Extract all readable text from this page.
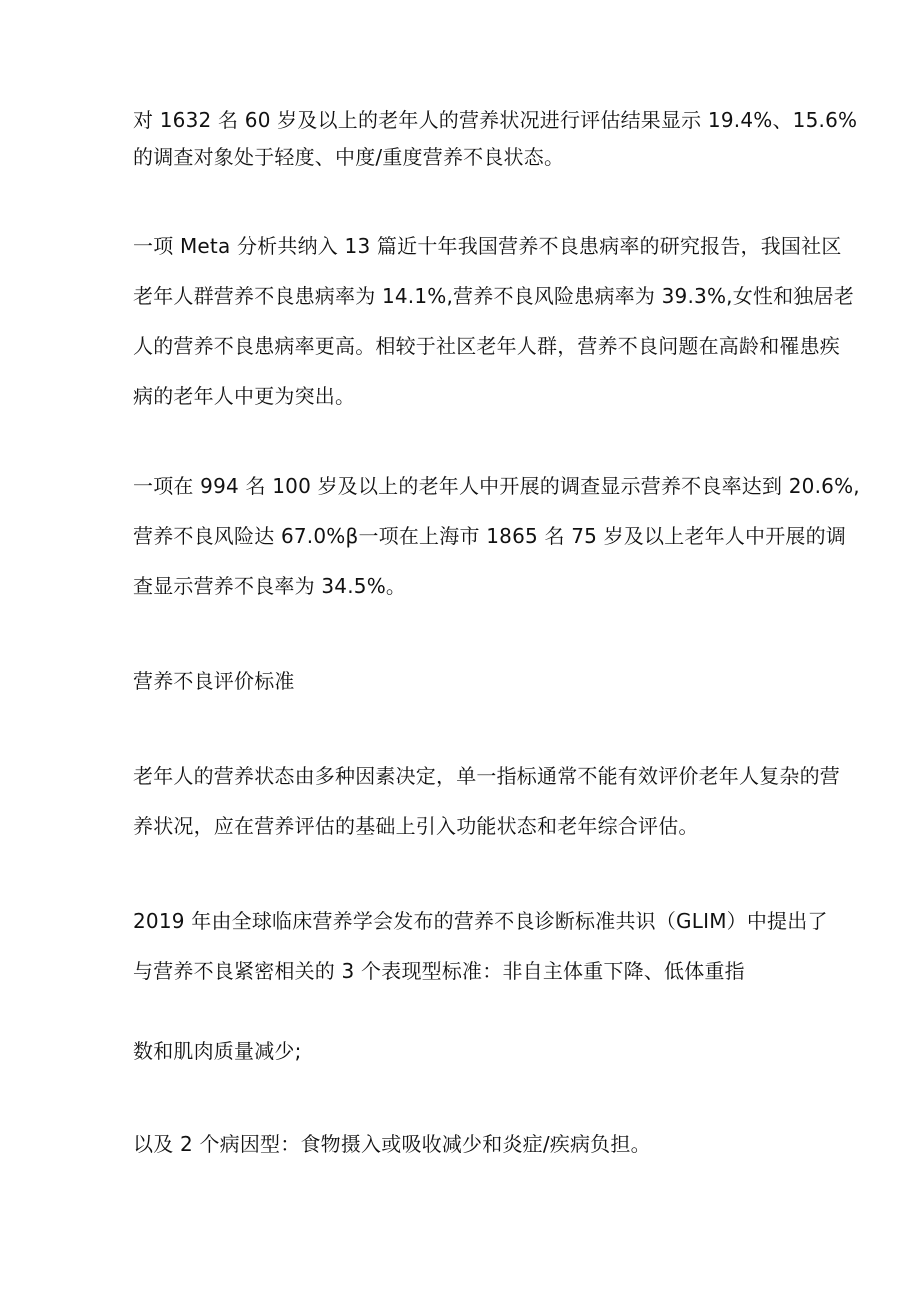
对 1632 名 60 岁及以上的老年人的营养状况进行评估结果显示 19.4%、15.6%
的调查对象处于轻度、中度/重度营养不良状态。
一项 Meta 分析共纳入 13 篇近十年我国营养不良患病率的研究报告，我国社区
老年人群营养不良患病率为 14.1%,营养不良风险患病率为 39.3%,女性和独居老
人的营养不良患病率更高。相较于社区老年人群，营养不良问题在高龄和罹患疾
病的老年人中更为突出。
一项在 994 名 100 岁及以上的老年人中开展的调查显示营养不良率达到 20.6%,
营养不良风险达 67.0%β一项在上海市 1865 名 75 岁及以上老年人中开展的调
查显示营养不良率为 34.5%。
营养不良评价标准
老年人的营养状态由多种因素决定，单一指标通常不能有效评价老年人复杂的营
养状况，应在营养评估的基础上引入功能状态和老年综合评估。
2019 年由全球临床营养学会发布的营养不良诊断标准共识（GLIM）中提出了
与营养不良紧密相关的 3 个表现型标准：非自主体重下降、低体重指
数和肌肉质量减少;
以及 2 个病因型：食物摄入或吸收减少和炎症/疾病负担。
